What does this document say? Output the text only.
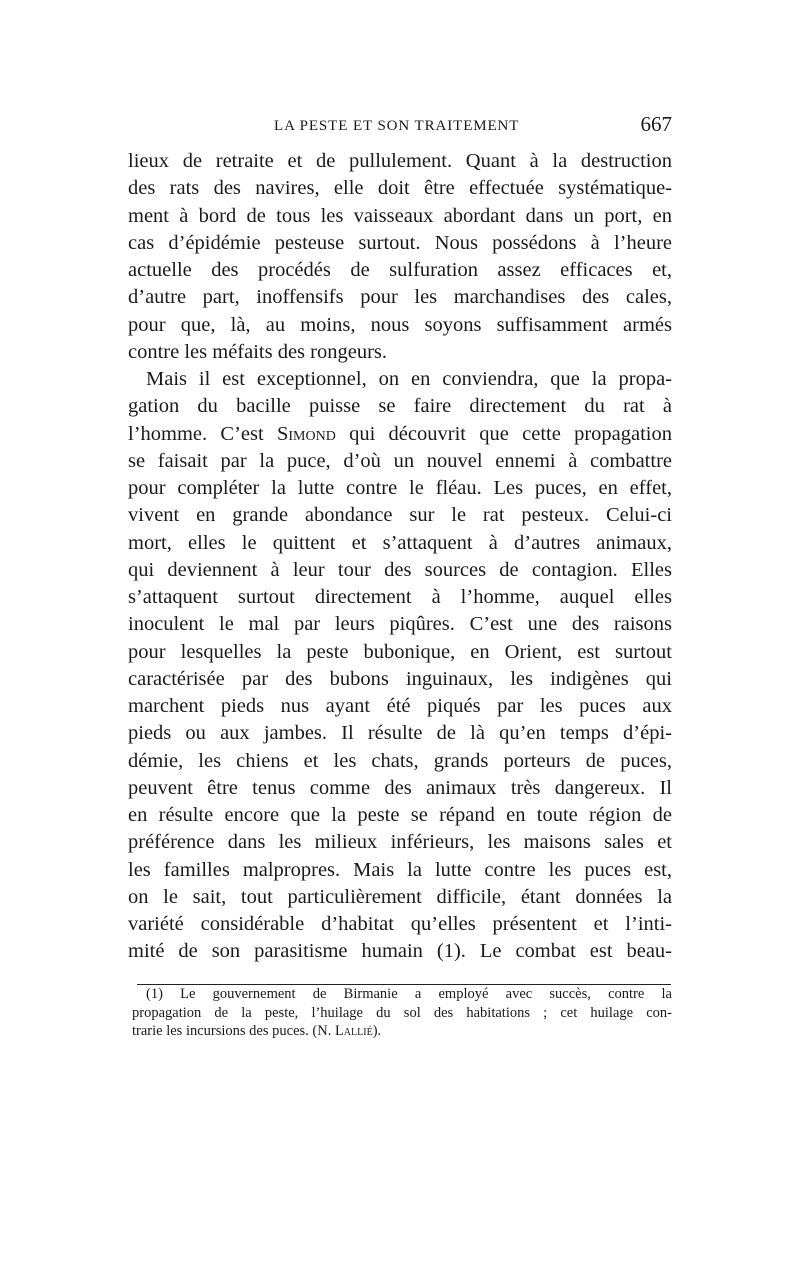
LA PESTE ET SON TRAITEMENT	667
lieux de retraite et de pullulement. Quant à la destruction
des rats des navires, elle doit être effectuée systématique-
ment à bord de tous les vaisseaux abordant dans un port, en
cas d’épidémie pesteuse surtout. Nous possédons à l’heure
actuelle des procédés de sulfuration assez efficaces et,
d’autre part, inoffensifs pour les marchandises des cales,
pour que, là, au moins, nous soyons suffisamment armés
contre les méfaits des rongeurs.
Mais il est exceptionnel, on en conviendra, que la propa-
gation du bacille puisse se faire directement du rat à
l’homme. C’est Simond qui découvrit que cette propagation
se faisait par la puce, d’où un nouvel ennemi à combattre
pour compléter la lutte contre le fléau. Les puces, en effet,
vivent en grande abondance sur le rat pesteux. Celui-ci
mort, elles le quittent et s’attaquent à d’autres animaux,
qui deviennent à leur tour des sources de contagion. Elles
s’attaquent surtout directement à l’homme, auquel elles
inoculent le mal par leurs piqûres. C’est une des raisons
pour lesquelles la peste bubonique, en Orient, est surtout
caractérisée par des bubons inguinaux, les indigènes qui
marchent pieds nus ayant été piqués par les puces aux
pieds ou aux jambes. Il résulte de là qu’en temps d’épi-
démie, les chiens et les chats, grands porteurs de puces,
peuvent être tenus comme des animaux très dangereux. Il
en résulte encore que la peste se répand en toute région de
préférence dans les milieux inférieurs, les maisons sales et
les familles malpropres. Mais la lutte contre les puces est,
on le sait, tout particulièrement difficile, étant données la
variété considérable d’habitat qu’elles présentent et l’inti-
mité de son parasitisme humain (1). Le combat est beau-
(1) Le gouvernement de Birmanie a employé avec succès, contre la
propagation de la peste, l’huilage du sol des habitations ; cet huilage con-
trarie les incursions des puces. (N. Lallié).
